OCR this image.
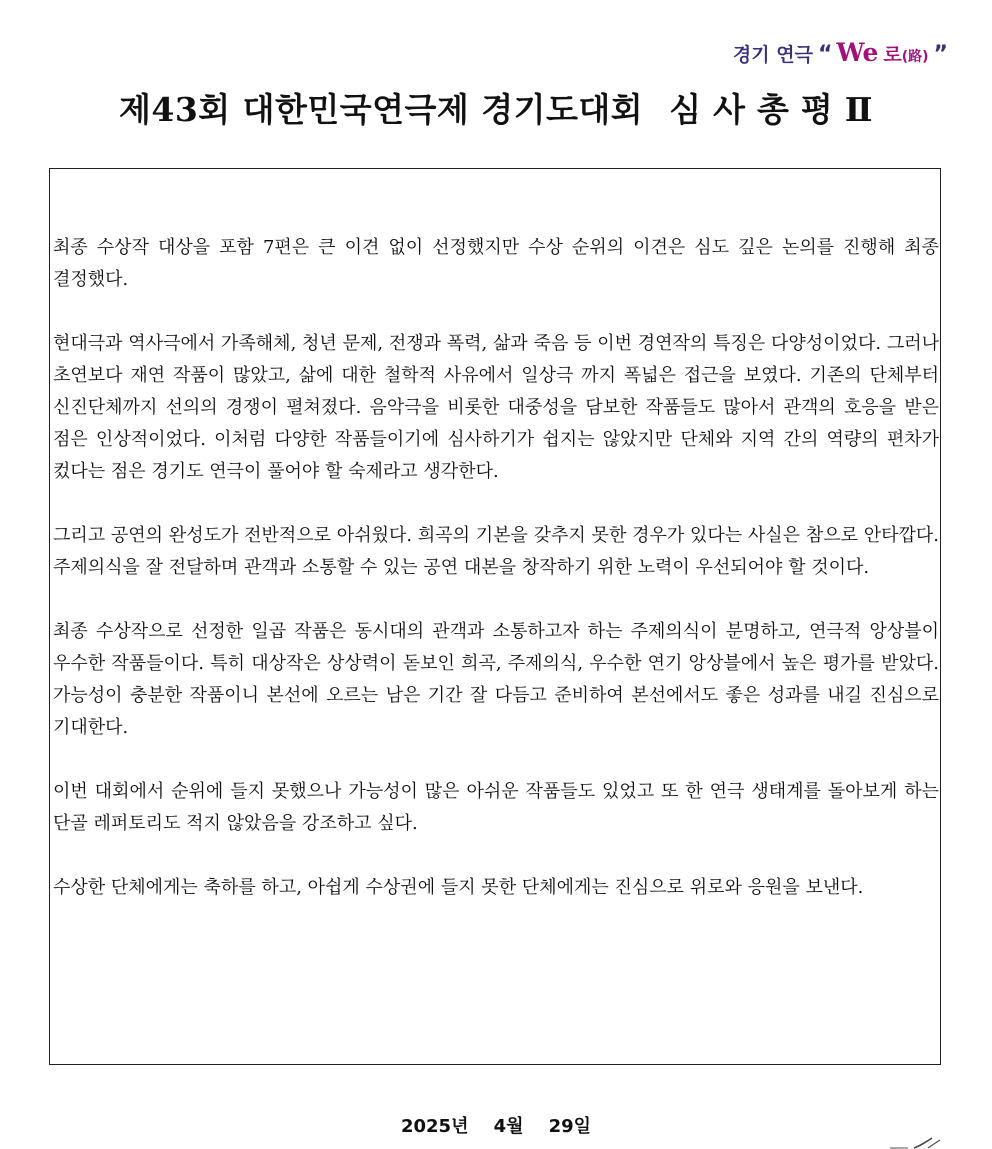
경기 연극 “ We 로 (路) ”
제43회 대한민국연극제 경기도대회 심사총평Ⅱ

최종 수상작 대상을 포함 7편은 큰 이견 없이 선정했지만 수상 순위의 이견은 심도 깊은 논의를 진행해 최종 결정했다.

현대극과 역사극에서 가족해체, 청년 문제, 전쟁과 폭력, 삶과 죽음 등 이번 경연작의 특징은 다양성이었다. 그러나 초연보다 재연 작품이 많았고, 삶에 대한 철학적 사유에서 일상극 까지 폭넓은 접근을 보였다. 기존의 단체부터 신진단체까지 선의의 경쟁이 펼쳐졌다. 음악극을 비롯한 대중성을 담보한 작품들도 많아서 관객의 호응을 받은 점은 인상적이었다. 이처럼 다양한 작품들이기에 심사하기가 쉽지는 않았지만 단체와 지역 간의 역량의 편차가 컸다는 점은 경기도 연극이 풀어야 할 숙제라고 생각한다.

그리고 공연의 완성도가 전반적으로 아쉬웠다. 희곡의 기본을 갖추지 못한 경우가 있다는 사실은 참으로 안타깝다. 주제의식을 잘 전달하며 관객과 소통할 수 있는 공연 대본을 창작하기 위한 노력이 우선되어야 할 것이다.

최종 수상작으로 선정한 일곱 작품은 동시대의 관객과 소통하고자 하는 주제의식이 분명하고, 연극적 앙상블이 우수한 작품들이다. 특히 대상작은 상상력이 돋보인 희곡, 주제의식, 우수한 연기 앙상블에서 높은 평가를 받았다. 가능성이 충분한 작품이니 본선에 오르는 남은 기간 잘 다듬고 준비하여 본선에서도 좋은 성과를 내길 진심으로 기대한다.

이번 대회에서 순위에 들지 못했으나 가능성이 많은 아쉬운 작품들도 있었고 또 한 연극 생태계를 돌아보게 하는 단골 레퍼토리도 적지 않았음을 강조하고 싶다.

수상한 단체에게는 축하를 하고, 아쉽게 수상권에 들지 못한 단체에게는 진심으로 위로와 응원을 보낸다.

2025년 4월 29일
